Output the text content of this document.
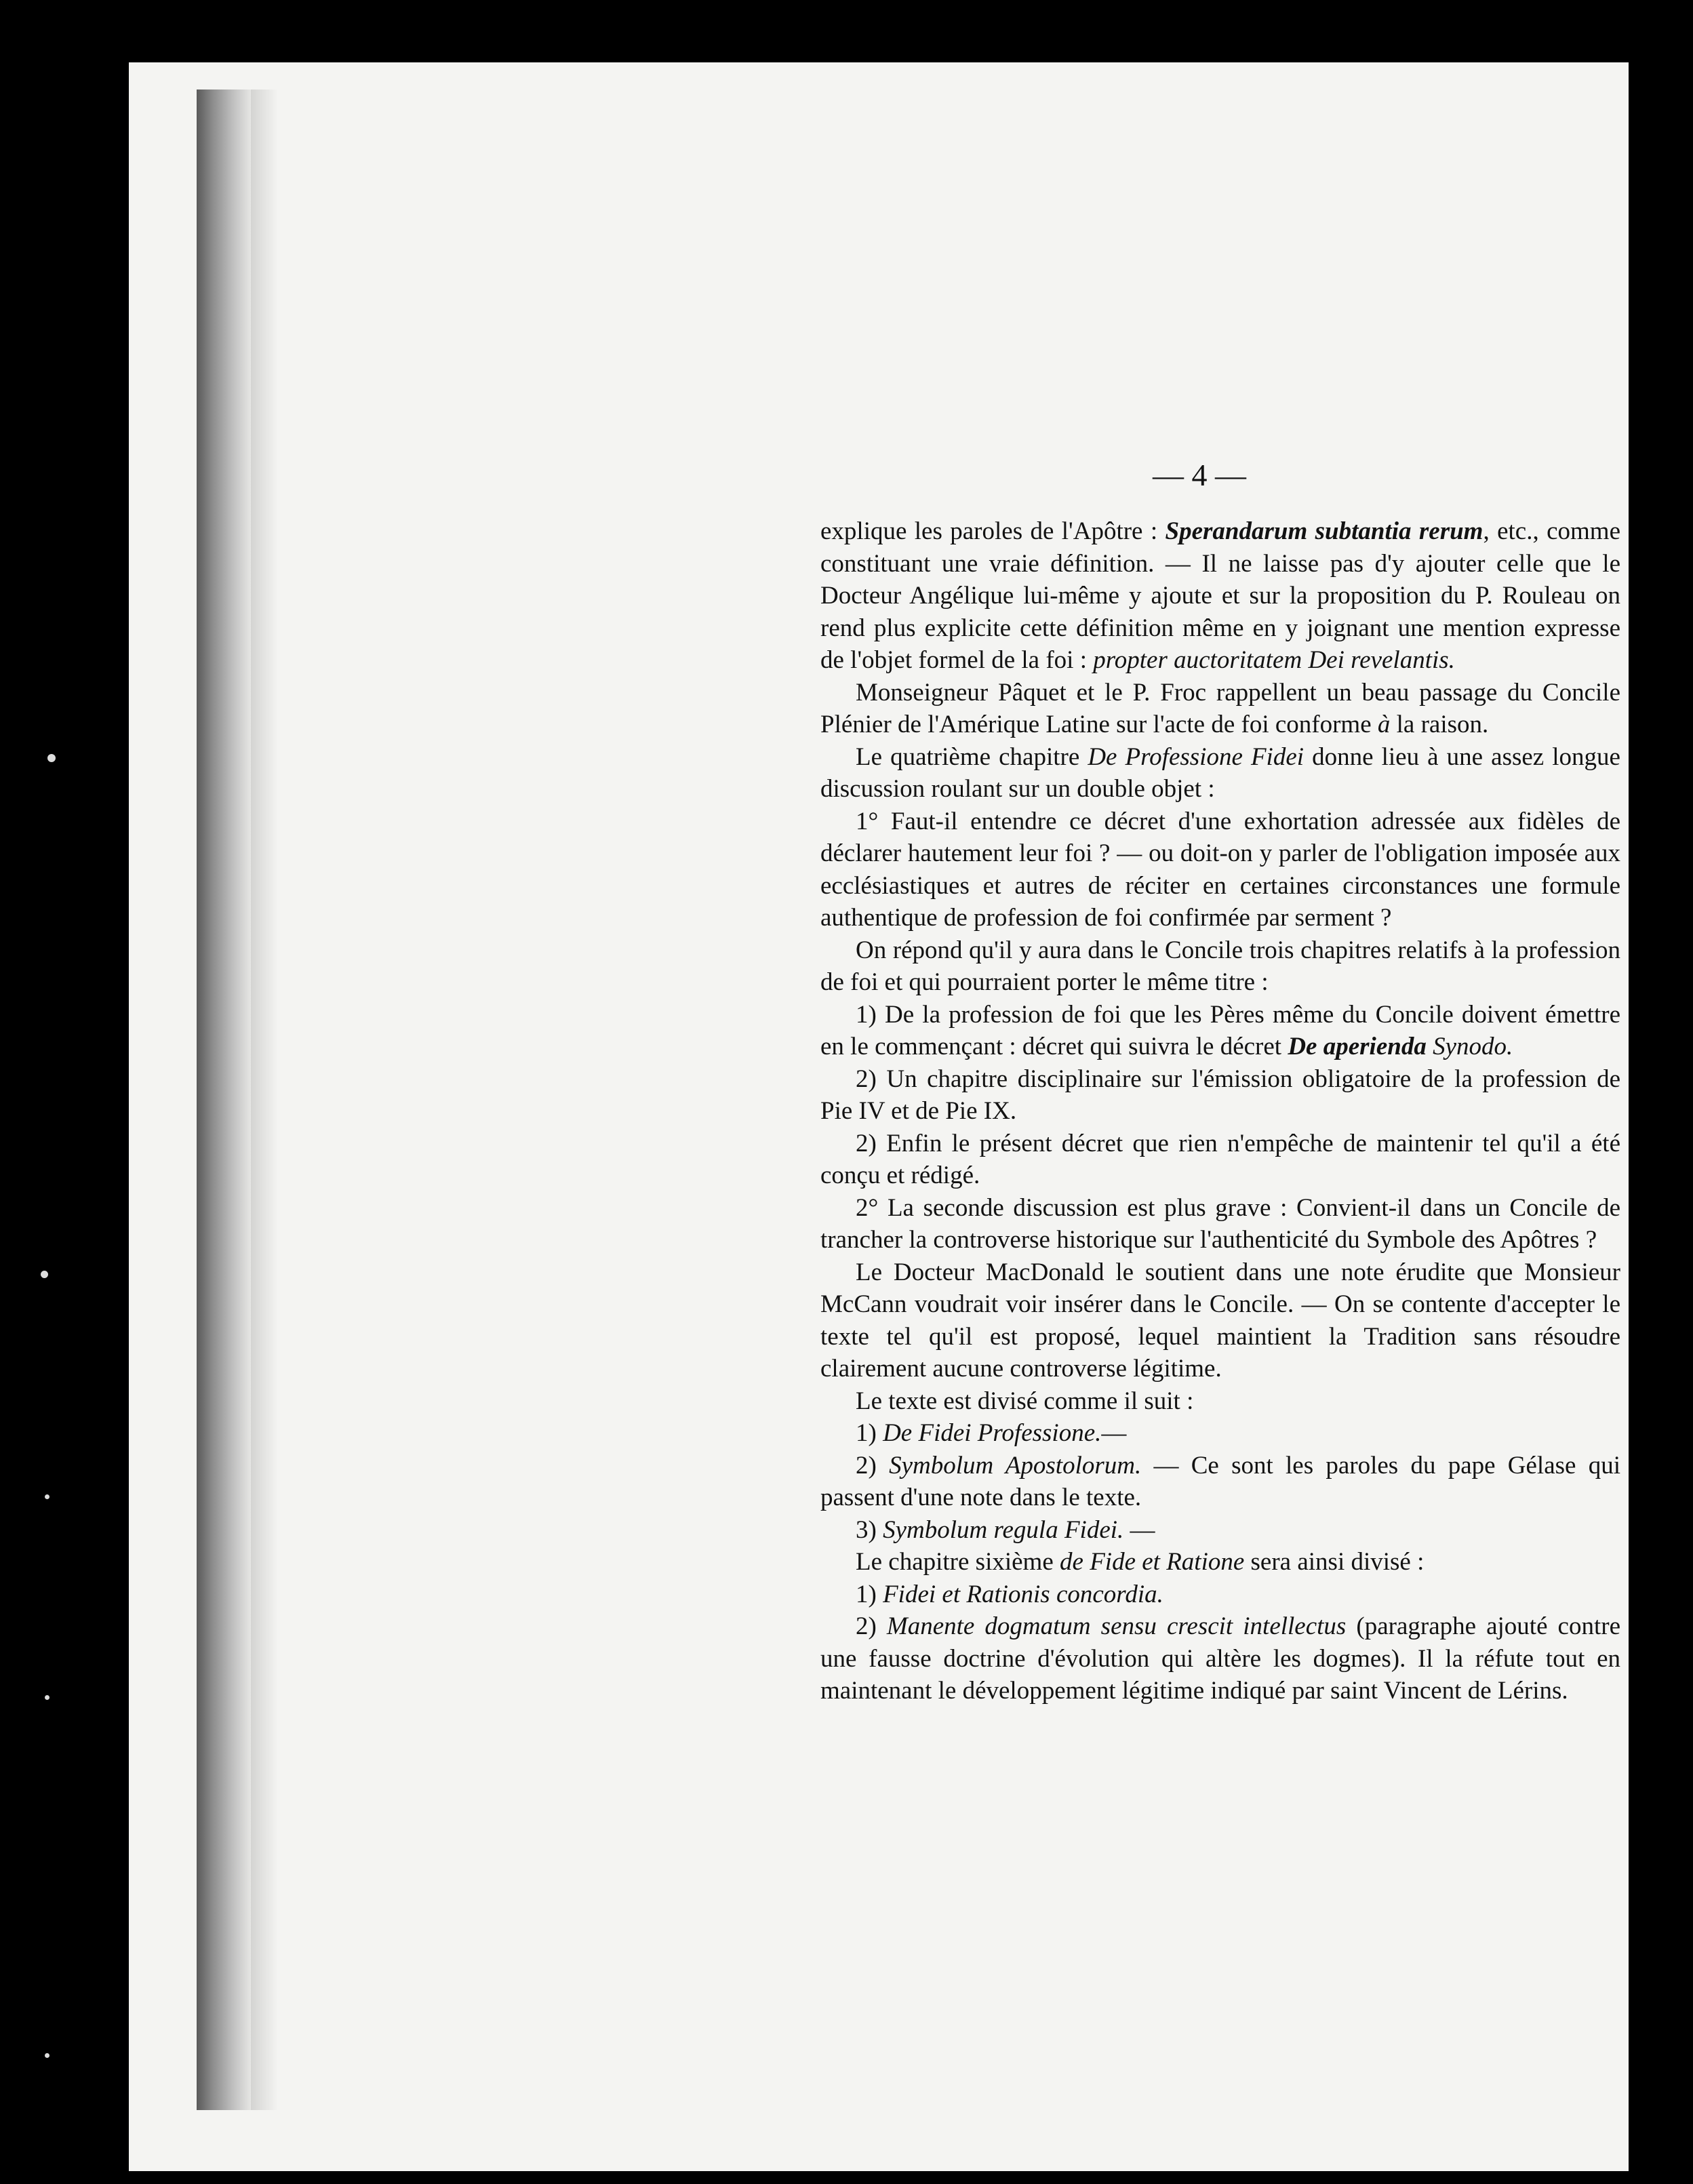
— 4 —

explique les paroles de l'Apôtre : Sperandarum subtantia rerum, etc., comme constituant une vraie définition. — Il ne laisse pas d'y ajouter celle que le Docteur Angélique lui-même y ajoute et sur la proposition du P. Rouleau on rend plus explicite cette définition même en y joignant une mention expresse de l'objet formel de la foi : propter auctoritatem Dei revelantis.

Monseigneur Pâquet et le P. Froc rappellent un beau passage du Concile Plénier de l'Amérique Latine sur l'acte de foi conforme à la raison.

Le quatrième chapitre De Professione Fidei donne lieu à une assez longue discussion roulant sur un double objet :

1° Faut-il entendre ce décret d'une exhortation adressée aux fidèles de déclarer hautement leur foi ? — ou doit-on y parler de l'obligation imposée aux ecclésiastiques et autres de réciter en certaines circonstances une formule authentique de profession de foi confirmée par serment ?

On répond qu'il y aura dans le Concile trois chapitres relatifs à la profession de foi et qui pourraient porter le même titre :

1) De la profession de foi que les Pères même du Concile doivent émettre en le commençant : décret qui suivra le décret De aperienda Synodo.

2) Un chapitre disciplinaire sur l'émission obligatoire de la profession de Pie IV et de Pie IX.

2) Enfin le présent décret que rien n'empêche de maintenir tel qu'il a été conçu et rédigé.

2° La seconde discussion est plus grave : Convient-il dans un Concile de trancher la controverse historique sur l'authenticité du Symbole des Apôtres ?

Le Docteur MacDonald le soutient dans une note érudite que Monsieur McCann voudrait voir insérer dans le Concile. — On se contente d'accepter le texte tel qu'il est proposé, lequel maintient la Tradition sans résoudre clairement aucune controverse légitime.

Le texte est divisé comme il suit :

1) De Fidei Professione.—

2) Symbolum Apostolorum. — Ce sont les paroles du pape Gélase qui passent d'une note dans le texte.

3) Symbolum regula Fidei. —

Le chapitre sixième de Fide et Ratione sera ainsi divisé :

1) Fidei et Rationis concordia.

2) Manente dogmatum sensu crescit intellectus (paragraphe ajouté contre une fausse doctrine d'évolution qui altère les dogmes). Il la réfute tout en maintenant le développement légitime indiqué par saint Vincent de Lérins.
